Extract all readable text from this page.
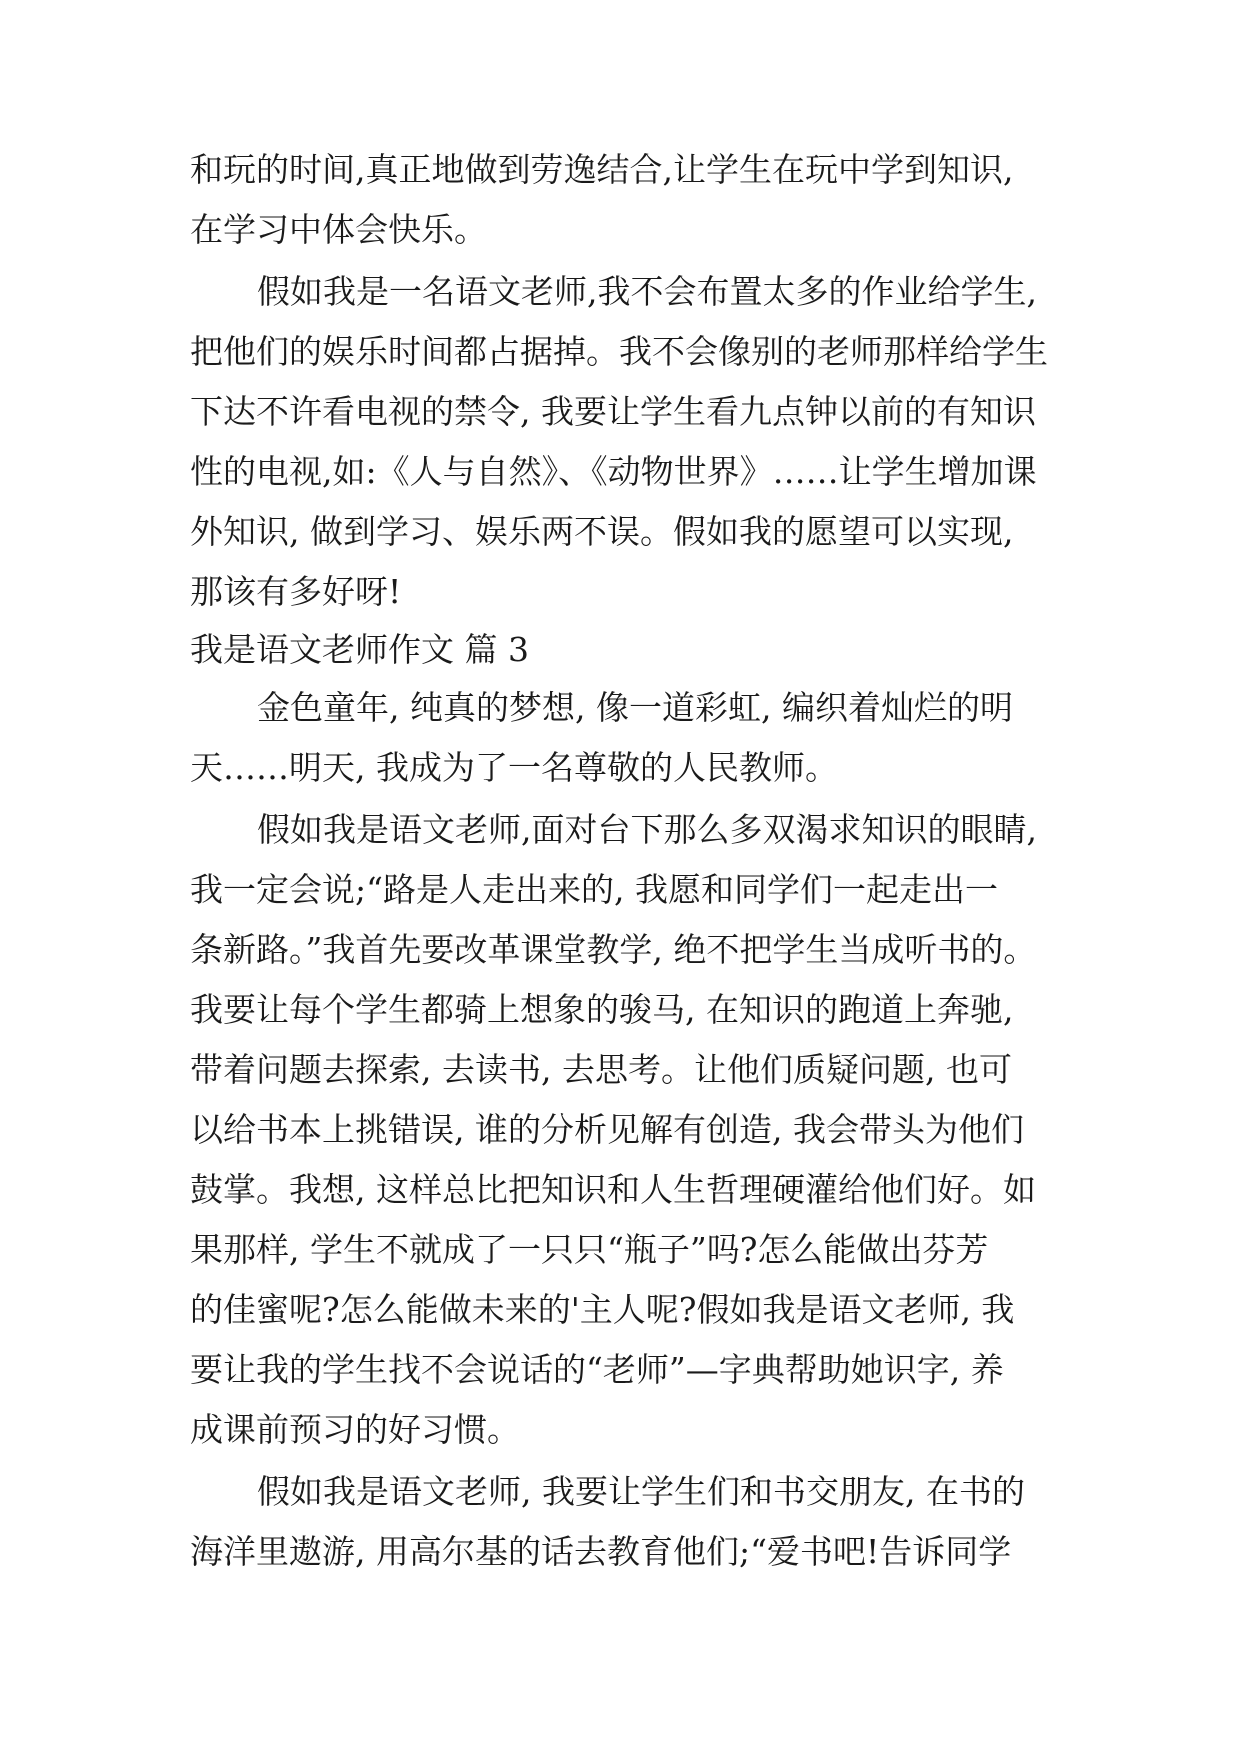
和玩的时间,真正地做到劳逸结合,让学生在玩中学到知识,
在学习中体会快乐。
假如我是一名语文老师,我不会布置太多的作业给学生,
把他们的娱乐时间都占据掉。我不会像别的老师那样给学生
下达不许看电视的禁令, 我要让学生看九点钟以前的有知识
性的电视,如:《人与自然》、《动物世界》……让学生增加课
外知识, 做到学习、娱乐两不误。假如我的愿望可以实现,
那该有多好呀!
我是语文老师作文 篇 3
金色童年, 纯真的梦想, 像一道彩虹, 编织着灿烂的明
天……明天, 我成为了一名尊敬的人民教师。
假如我是语文老师,面对台下那么多双渴求知识的眼睛,
我一定会说;“路是人走出来的, 我愿和同学们一起走出一
条新路。”我首先要改革课堂教学, 绝不把学生当成听书的。
我要让每个学生都骑上想象的骏马, 在知识的跑道上奔驰,
带着问题去探索, 去读书, 去思考。让他们质疑问题, 也可
以给书本上挑错误, 谁的分析见解有创造, 我会带头为他们
鼓掌。我想, 这样总比把知识和人生哲理硬灌给他们好。如
果那样, 学生不就成了一只只“瓶子”吗?怎么能做出芬芳
的佳蜜呢?怎么能做未来的'主人呢?假如我是语文老师, 我
要让我的学生找不会说话的“老师”—字典帮助她识字, 养
成课前预习的好习惯。
假如我是语文老师, 我要让学生们和书交朋友, 在书的
海洋里遨游, 用高尔基的话去教育他们;“爱书吧!告诉同学
